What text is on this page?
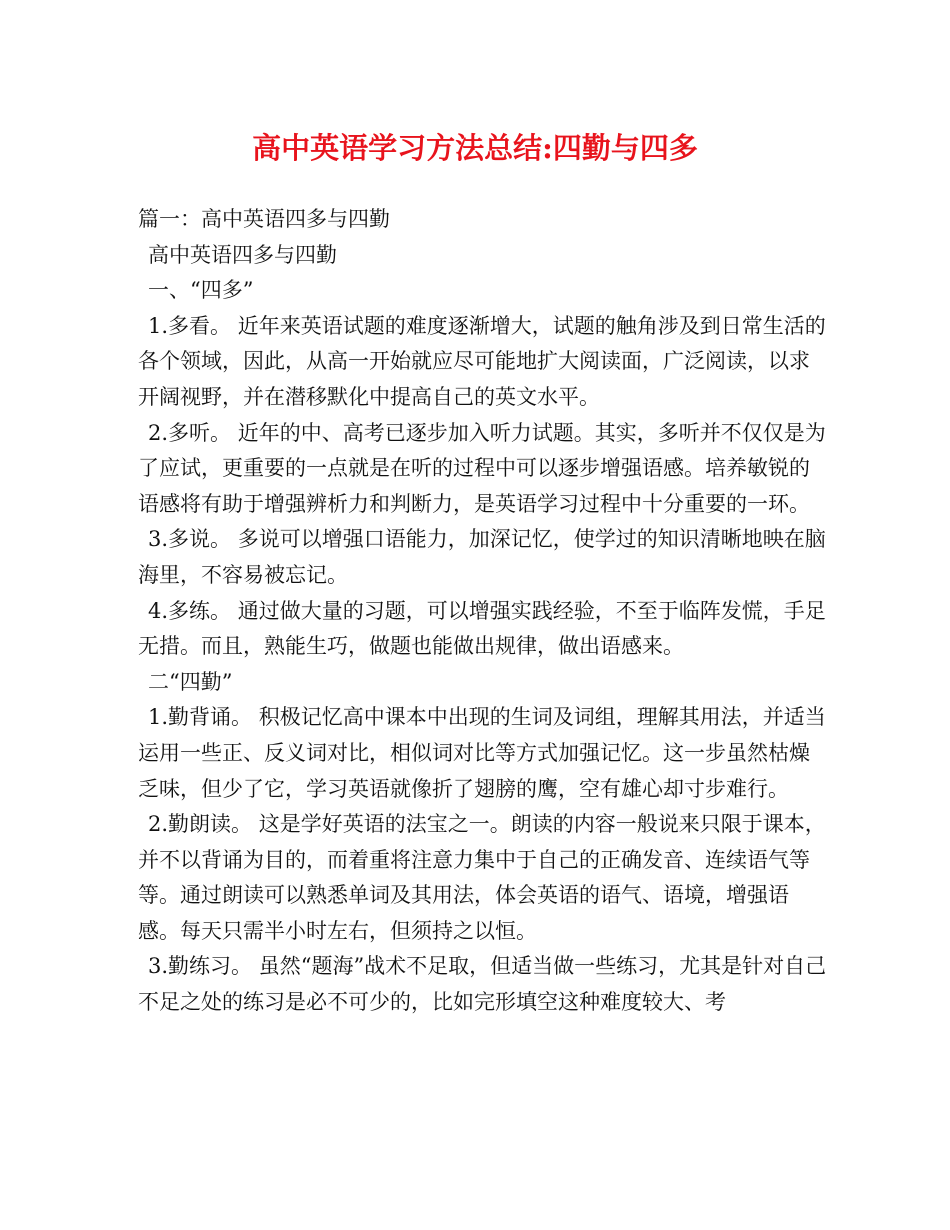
高中英语学习方法总结:四勤与四多

篇一：高中英语四多与四勤

高中英语四多与四勤

一、“四多”

1.多看。 近年来英语试题的难度逐渐增大，试题的触角涉及到日常生活的各个领域，因此，从高一开始就应尽可能地扩大阅读面，广泛阅读，以求开阔视野，并在潜移默化中提高自己的英文水平。

2.多听。 近年的中、高考已逐步加入听力试题。其实，多听并不仅仅是为了应试，更重要的一点就是在听的过程中可以逐步增强语感。培养敏锐的语感将有助于增强辨析力和判断力，是英语学习过程中十分重要的一环。

3.多说。 多说可以增强口语能力，加深记忆，使学过的知识清晰地映在脑海里，不容易被忘记。

4.多练。 通过做大量的习题，可以增强实践经验，不至于临阵发慌，手足无措。而且，熟能生巧，做题也能做出规律，做出语感来。

二“四勤”

1.勤背诵。 积极记忆高中课本中出现的生词及词组，理解其用法，并适当运用一些正、反义词对比，相似词对比等方式加强记忆。这一步虽然枯燥乏味，但少了它，学习英语就像折了翅膀的鹰，空有雄心却寸步难行。

2.勤朗读。 这是学好英语的法宝之一。朗读的内容一般说来只限于课本，并不以背诵为目的，而着重将注意力集中于自己的正确发音、连续语气等等。通过朗读可以熟悉单词及其用法，体会英语的语气、语境，增强语感。每天只需半小时左右，但须持之以恒。

3.勤练习。 虽然“题海”战术不足取，但适当做一些练习，尤其是针对自己不足之处的练习是必不可少的，比如完形填空这种难度较大、考
